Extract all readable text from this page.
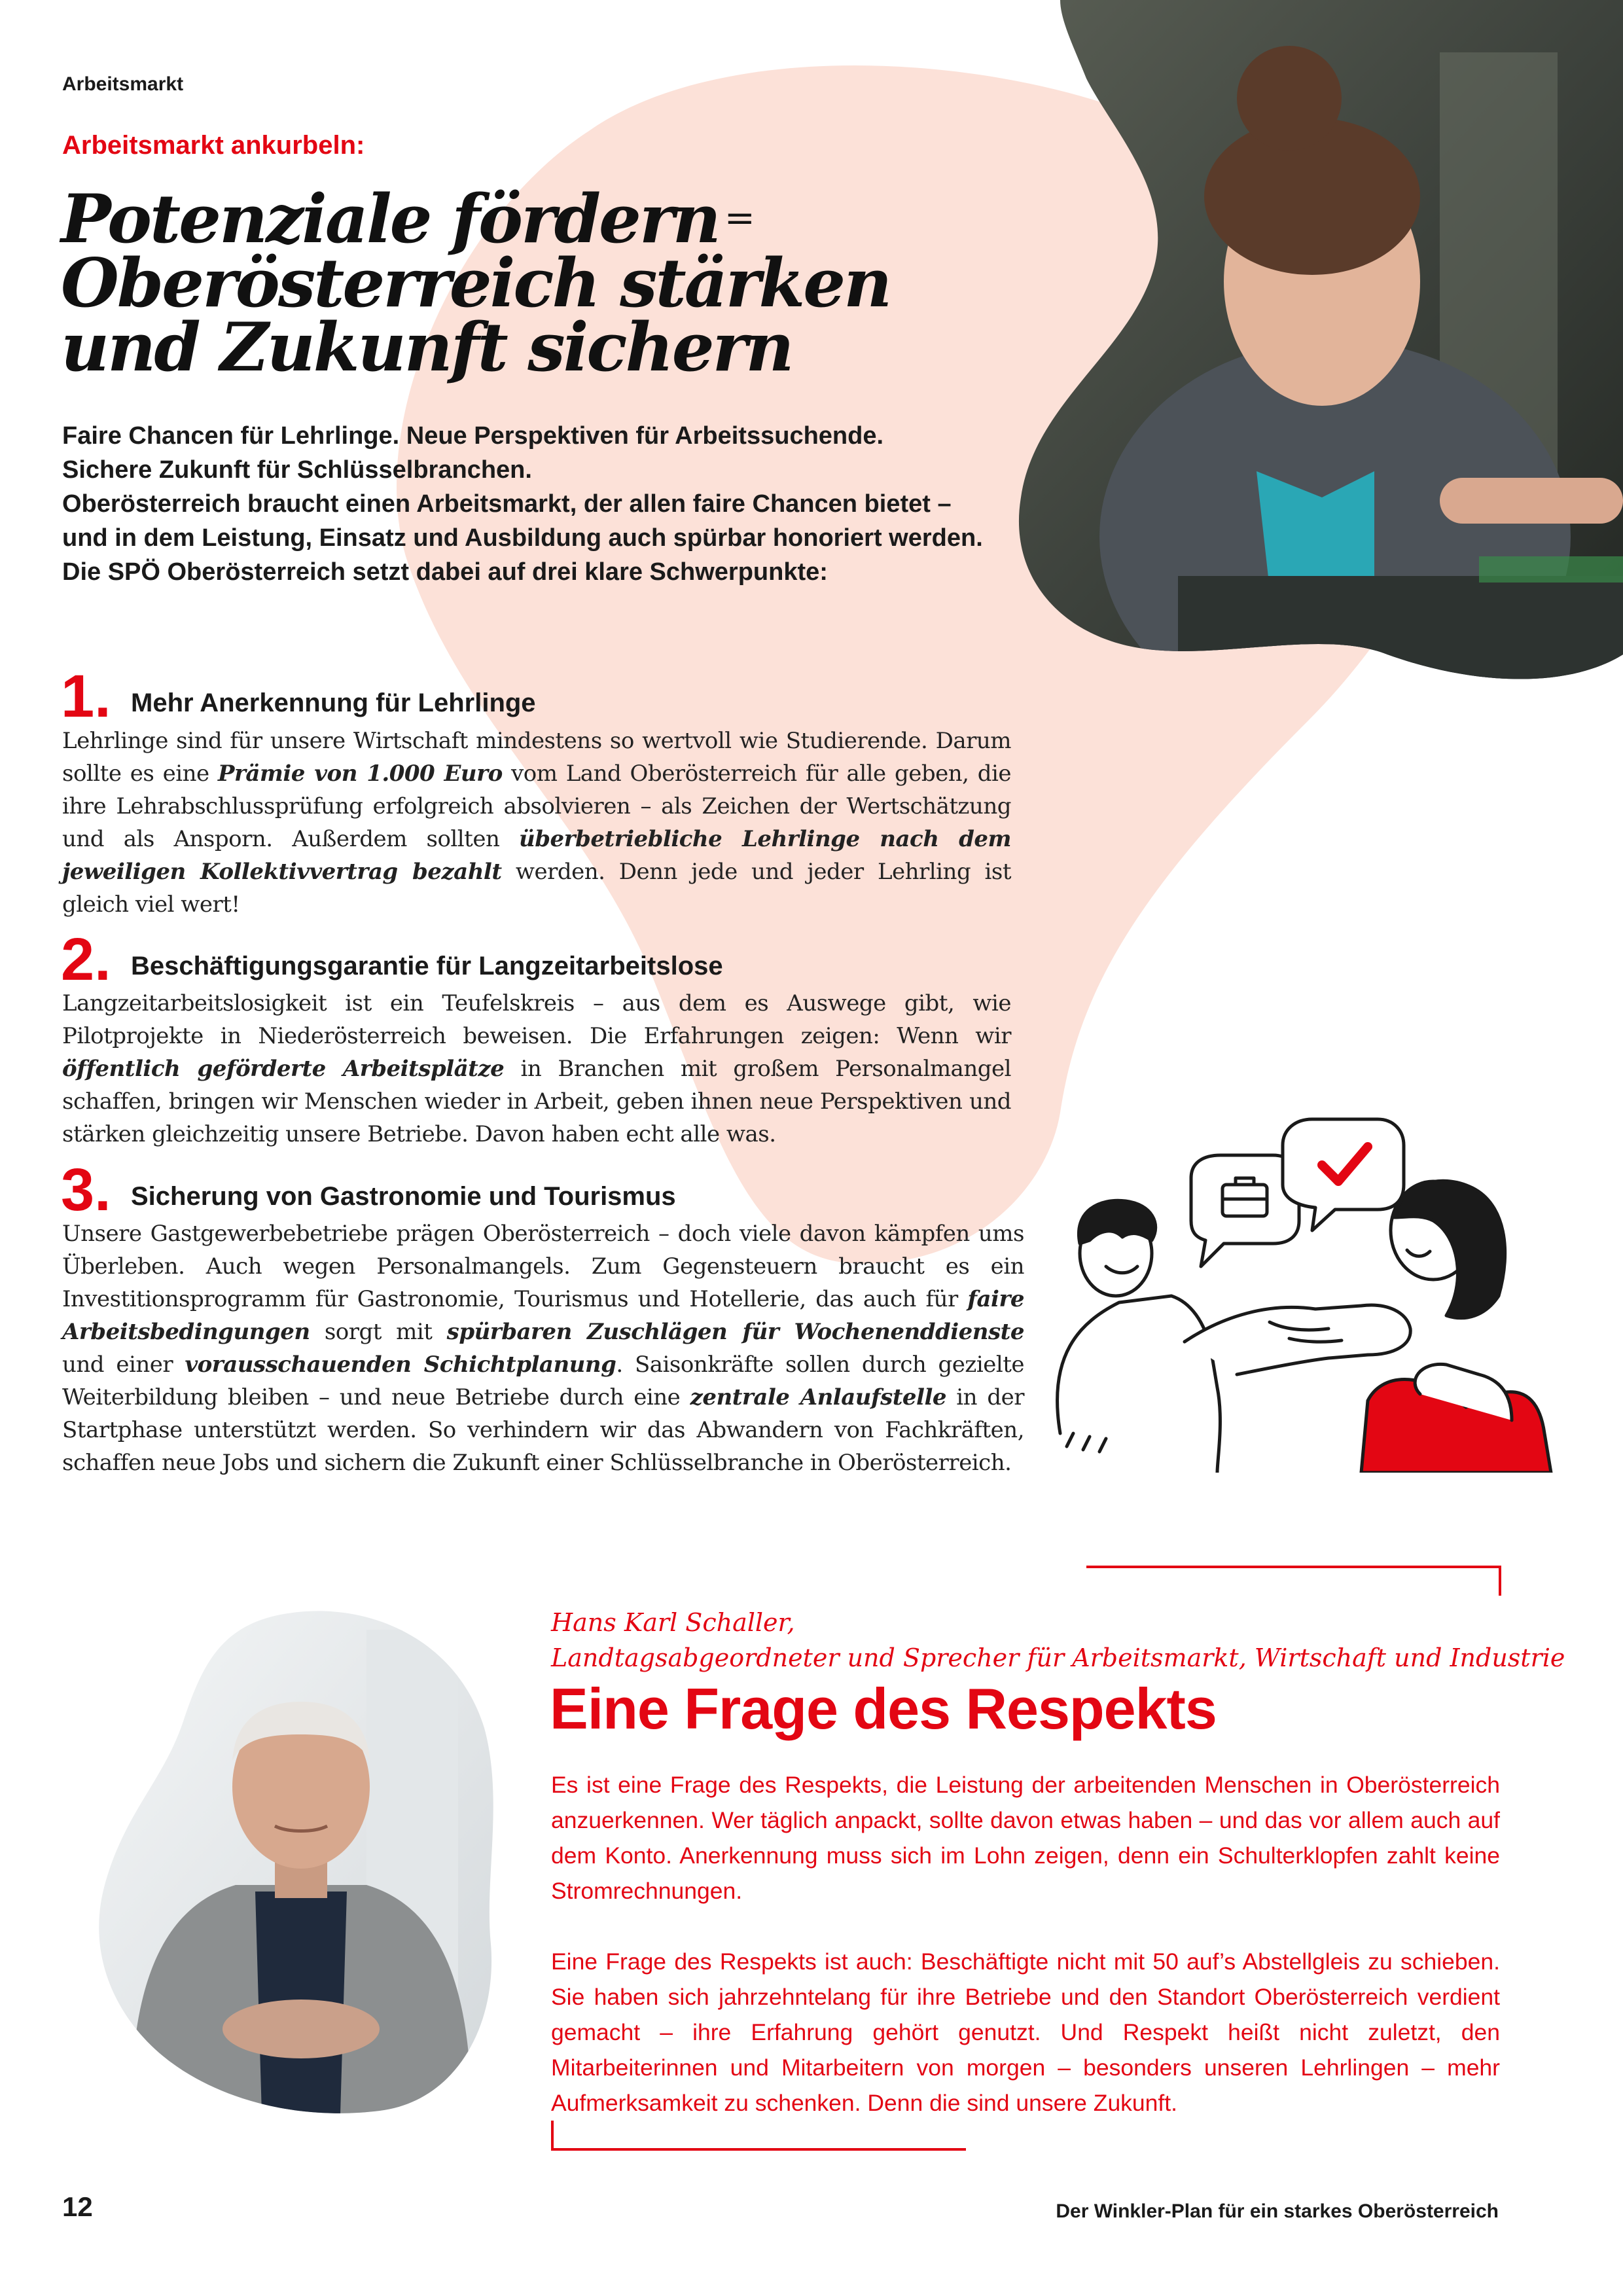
Arbeitsmarkt
Arbeitsmarkt ankurbeln:
Potenziale fördern =
Oberösterreich stärken
und Zukunft sichern

Faire Chancen für Lehrlinge. Neue Perspektiven für Arbeitssuchende.

Sichere Zukunft für Schlüsselbranchen.

Oberösterreich braucht einen Arbeitsmarkt, der allen faire Chancen bietet – und in dem Leistung, Einsatz und Ausbildung auch spürbar honoriert werden. Die SPÖ Oberösterreich setzt dabei auf drei klare Schwerpunkte:

1. Mehr Anerkennung für Lehrlinge

Lehrlinge sind für unsere Wirtschaft mindestens so wertvoll wie Studierende. Darum sollte es eine Prämie von 1.000 Euro vom Land Oberösterreich für alle geben, die ihre Lehrabschlussprüfung erfolgreich absolvieren – als Zeichen der Wertschätzung und als Ansporn. Außerdem sollten überbetriebliche Lehrlinge nach dem jeweiligen Kollektivvertrag bezahlt werden. Denn jede und jeder Lehrling ist gleich viel wert!

2. Beschäftigungsgarantie für Langzeitarbeitslose

Langzeitarbeitslosigkeit ist ein Teufelskreis – aus dem es Auswege gibt, wie Pilotprojekte in Niederösterreich beweisen. Die Erfahrungen zeigen: Wenn wir öffentlich geförderte Arbeitsplätze in Branchen mit großem Personalmangel schaffen, bringen wir Menschen wieder in Arbeit, geben ihnen neue Perspektiven und stärken gleichzeitig unsere Betriebe. Davon haben echt alle was.

3. Sicherung von Gastronomie und Tourismus

Unsere Gastgewerbebetriebe prägen Oberösterreich – doch viele davon kämpfen ums Überleben. Auch wegen Personalmangels. Zum Gegensteuern braucht es ein Investitionsprogramm für Gastronomie, Tourismus und Hotellerie, das auch für faire Arbeitsbedingungen sorgt mit spürbaren Zuschlägen für Wochenenddienste und einer vorausschauenden Schichtplanung. Saisonkräfte sollen durch gezielte Weiterbildung bleiben – und neue Betriebe durch eine zentrale Anlaufstelle in der Startphase unterstützt werden. So verhindern wir das Abwandern von Fachkräften, schaffen neue Jobs und sichern die Zukunft einer Schlüsselbranche in Oberösterreich.

Hans Karl Schaller,
Landtagsabgeordneter und Sprecher für Arbeitsmarkt, Wirtschaft und Industrie
Eine Frage des Respekts

Es ist eine Frage des Respekts, die Leistung der arbeitenden Menschen in Oberösterreich anzuerkennen. Wer täglich anpackt, sollte davon etwas haben – und das vor allem auch auf dem Konto. Anerkennung muss sich im Lohn zeigen, denn ein Schulterklopfen zahlt keine Stromrechnungen.

Eine Frage des Respekts ist auch: Beschäftigte nicht mit 50 auf’s Abstellgleis zu schieben. Sie haben sich jahrzehntelang für ihre Betriebe und den Standort Oberösterreich verdient gemacht – ihre Erfahrung gehört genutzt. Und Respekt heißt nicht zuletzt, den Mitarbeiterinnen und Mitarbeitern von morgen – besonders unseren Lehrlingen – mehr Aufmerksamkeit zu schenken. Denn die sind unsere Zukunft.

12	Der Winkler-Plan für ein starkes Oberösterreich
